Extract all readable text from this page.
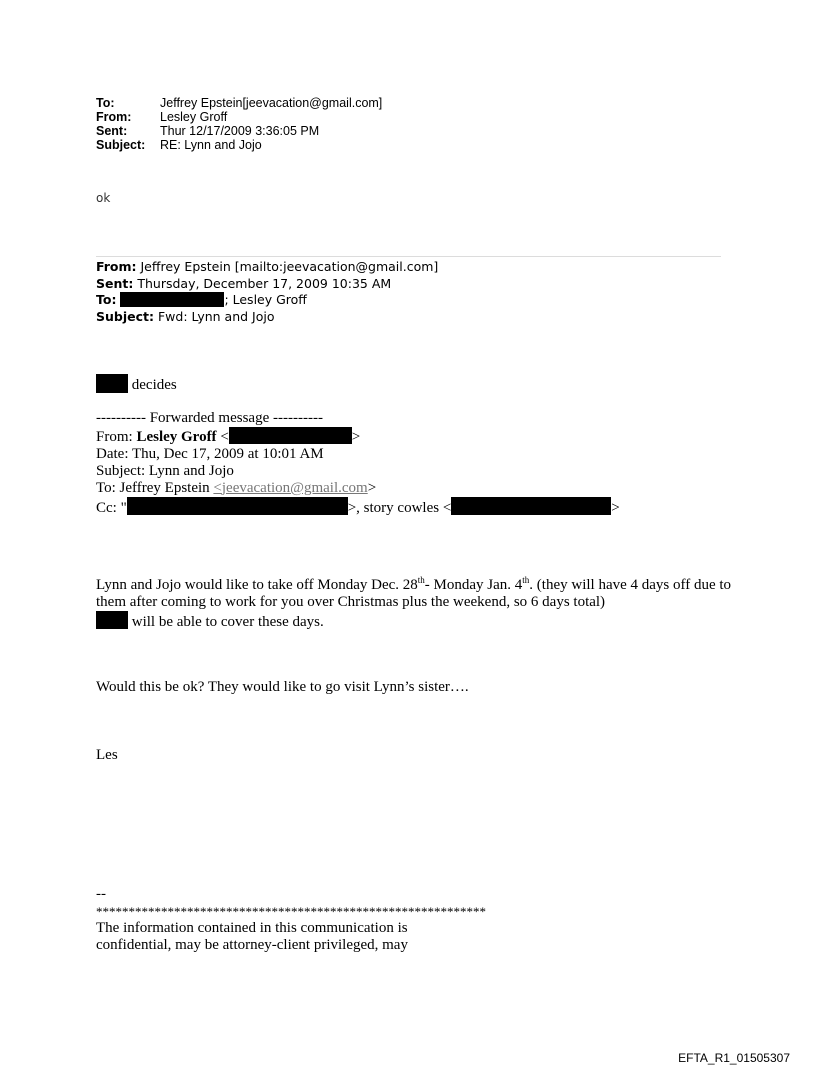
To:	Jeffrey Epstein[jeevacation@gmail.com]
From:	Lesley Groff
Sent:	Thur 12/17/2009 3:36:05 PM
Subject:	RE: Lynn and Jojo
ok
From: Jeffrey Epstein [mailto:jeevacation@gmail.com]
Sent: Thursday, December 17, 2009 10:35 AM
To:	; Lesley Groff
Subject: Fwd: Lynn and Jojo
decides
---------- Forwarded message ----------
From: Lesley Groff <	>
Date: Thu, Dec 17, 2009 at 10:01 AM
Subject: Lynn and Jojo
To: Jeffrey Epstein <jeevacation@gmail.com>
Cc: "	>, story cowles <	>
Lynn and Jojo would like to take off Monday Dec. 28th- Monday Jan. 4th. (they will have 4 days off due to them after coming to work for you over Christmas plus the weekend, so 6 days total)
will be able to cover these days.
Would this be ok? They would like to go visit Lynn’s sister….
Les
--
************************************************************
The information contained in this communication is
confidential, may be attorney-client privileged, may
EFTA_R1_01505307
